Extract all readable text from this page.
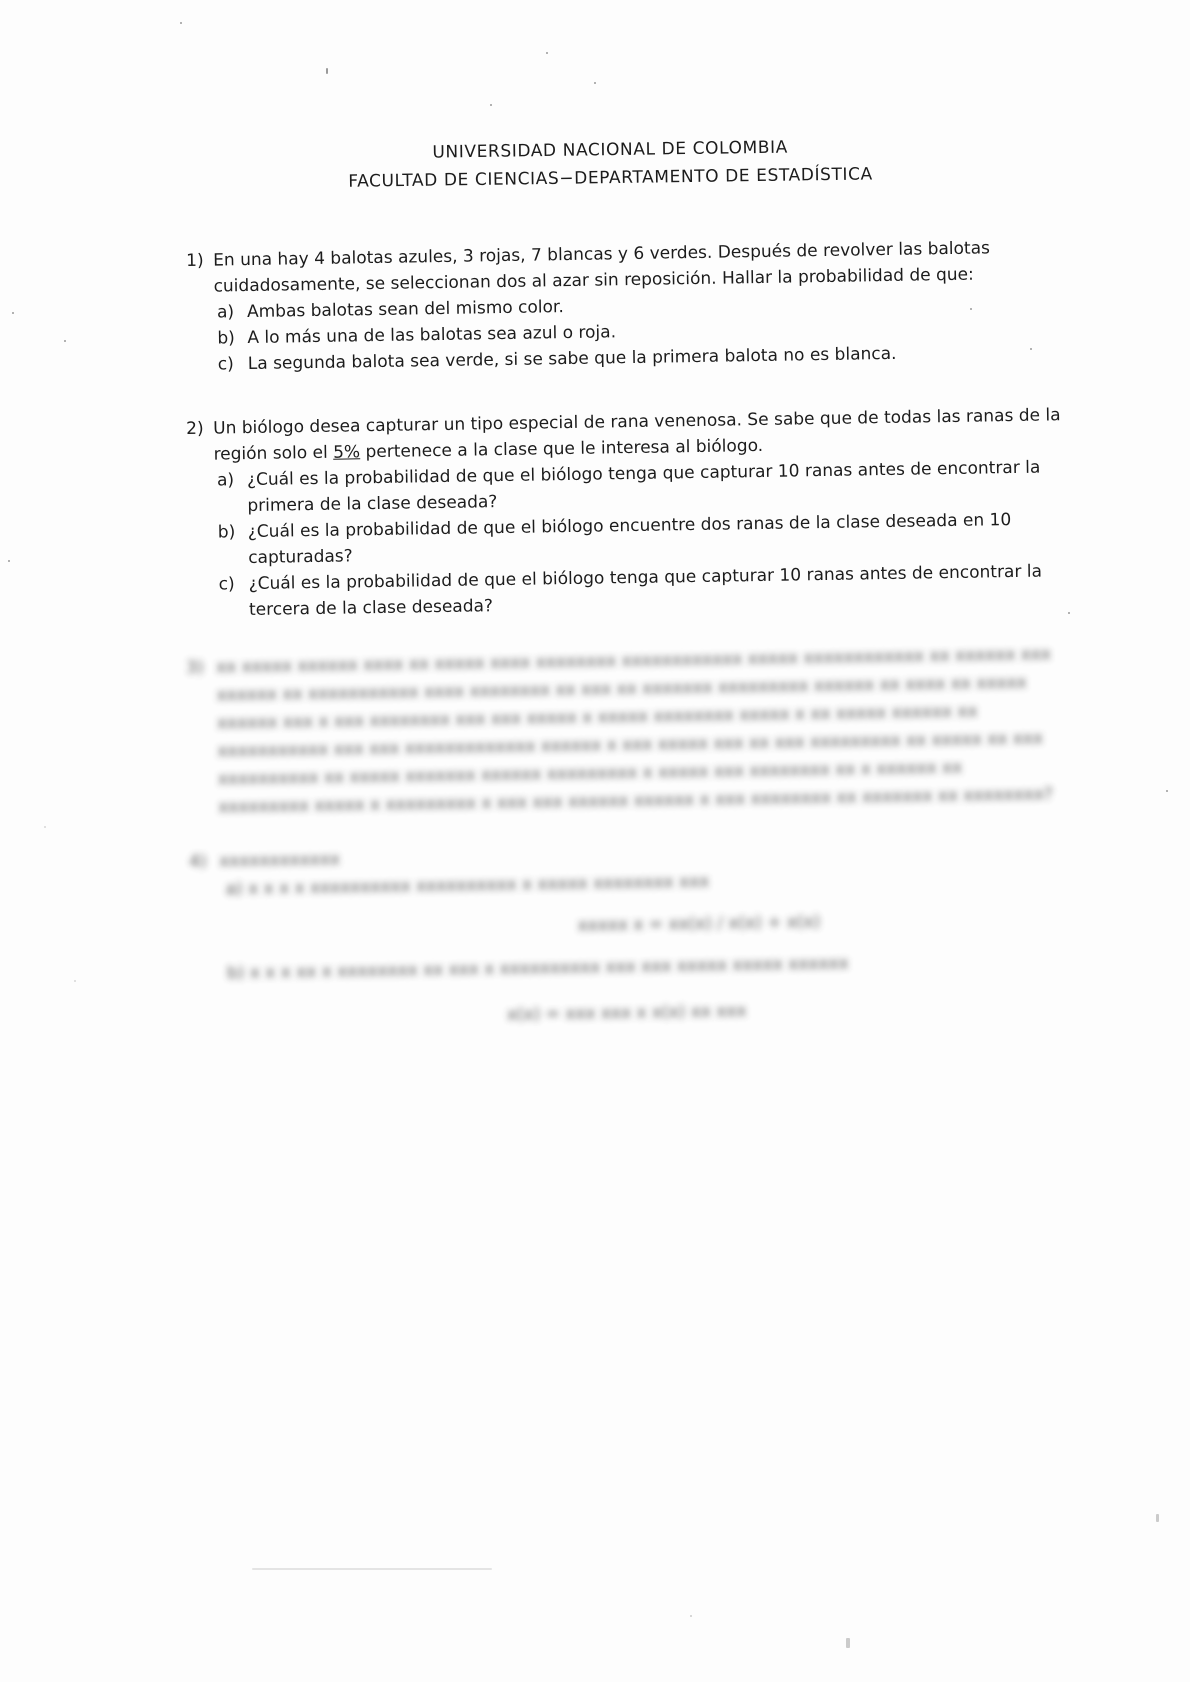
UNIVERSIDAD NACIONAL DE COLOMBIA
FACULTAD DE CIENCIAS−DEPARTAMENTO DE ESTADÍSTICA
1) En una hay 4 balotas azules, 3 rojas, 7 blancas y 6 verdes. Después de revolver las balotas cuidadosamente, se seleccionan dos al azar sin reposición. Hallar la probabilidad de que:
a) Ambas balotas sean del mismo color.
b) A lo más una de las balotas sea azul o roja.
c) La segunda balota sea verde, si se sabe que la primera balota no es blanca.
2) Un biólogo desea capturar un tipo especial de rana venenosa. Se sabe que de todas las ranas de la región solo el 5% pertenece a la clase que le interesa al biólogo.
a) ¿Cuál es la probabilidad de que el biólogo tenga que capturar 10 ranas antes de encontrar la primera de la clase deseada?
b) ¿Cuál es la probabilidad de que el biólogo encuentre dos ranas de la clase deseada en 10 capturadas?
c) ¿Cuál es la probabilidad de que el biólogo tenga que capturar 10 ranas antes de encontrar la tercera de la clase deseada?
3) xx xxxxx xxxxxx xxxx xx xxxxx xxxx xxxxxxxx xxxxxxxxxxxx xxxxx xxxxxxxxxxxx xx xxxxxx xxx xxxxxx xx xxxxxxxxxxx xxxx xxxxxxxx xx xxx xx xxxxxxx xxxxxxxxx xxxxxx xx xxxx xx xxxxx xxxxxx xxx x xxx xxxxxxxx xxx xxx xxxxx x xxxxx xxxxxxxx xxxxx x xx xxxxx xxxxxx xx xxxxxxxxxxx xxx xxx xxxxxxxxxxxxx xxxxxx x xxx xxxxx xxx xx xxx xxxxxxxxx xx xxxxx xx xxx xxxxxxxxxx xx xxxxx xxxxxxx xxxxxx xxxxxxxxx x xxxxx xxx xxxxxxxx xx x xxxxxx xx xxxxxxxxx xxxxx x xxxxxxxxx x xxx xxx xxxxxx xxxxxx x xxx xxxxxxxx xx xxxxxxx xx xxxxxxxx?
4) xxxxxxxxxxxx
a) x x x x xxxxxxxxxx xxxxxxxxxx x xxxxx xxxxxxxx xxx
xxxxx x = xx(x) / x(x) + x(x)
b) x x x xx x xxxxxxxx xx xxx x xxxxxxxxxx xxx xxx xxxxx xxxxx xxxxxx
x(x) = xxx xxx x x(x) xx xxx
